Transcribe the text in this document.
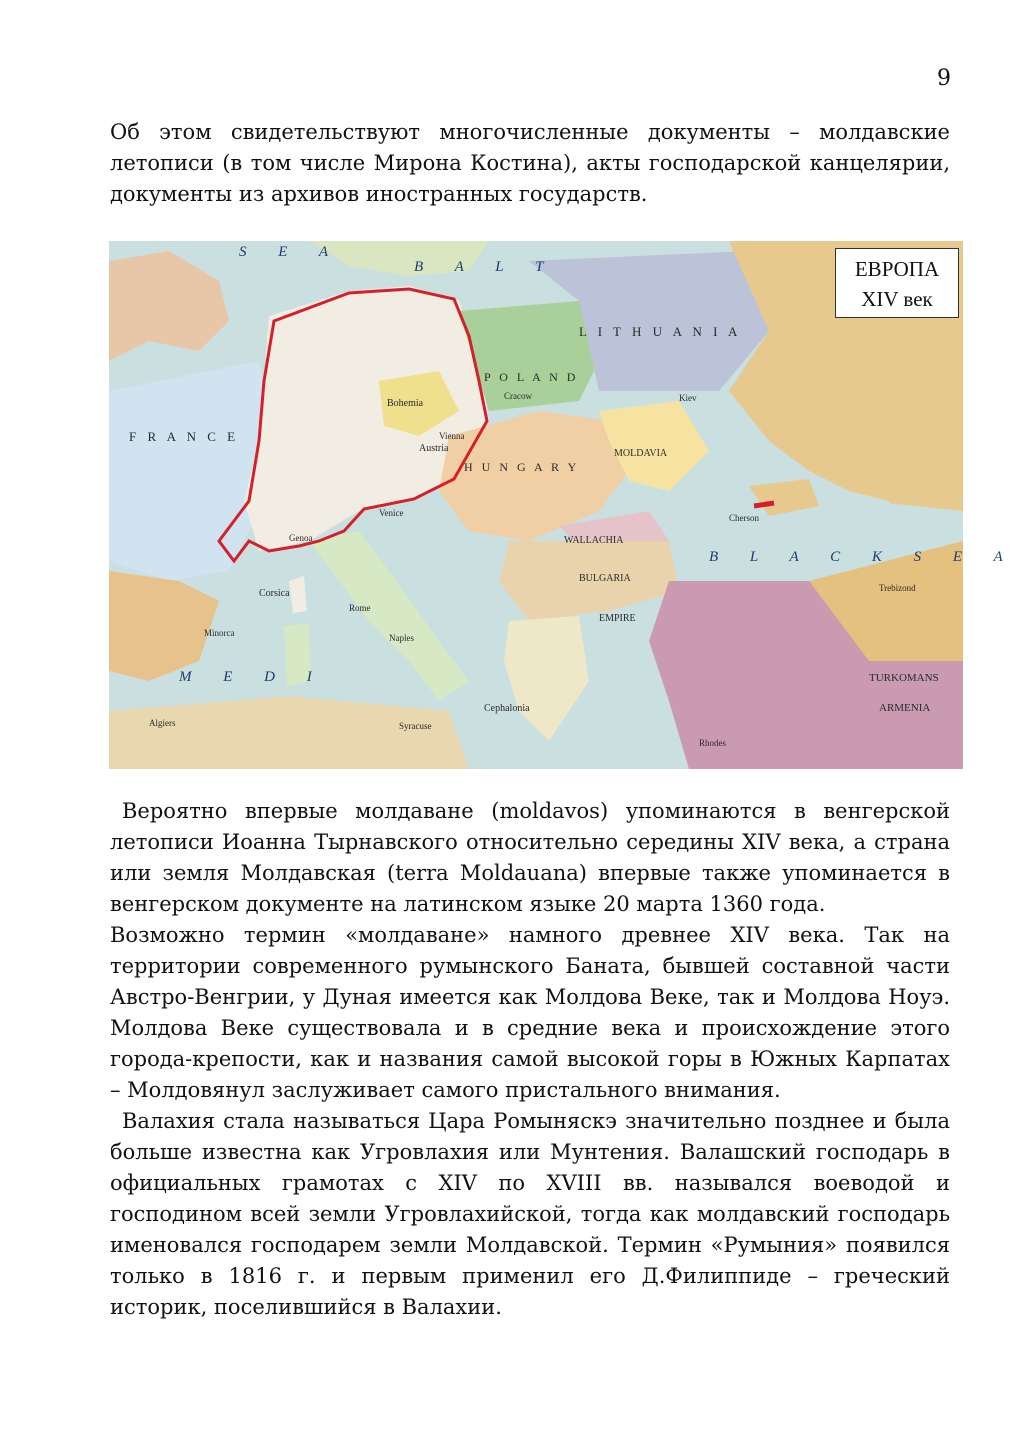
9
Об этом свидетельствуют многочисленные документы – молдавские летописи (в том числе Мирона Костина), акты господарской канцелярии, документы из архивов иностранных государств.
L I T H U A N I A
P O L A N D
H U N G A R Y
MOLDAVIA
WALLACHIA
BULGARIA
F R A N C E
Bohemia
Austria
EMPIRE
ARMENIA
TURKOMANS
B L A C K S E A
M E D I
S E A
B A L T
Corsica
Minorca
Algiers	Syracuse
Cephalonia
Rhodes
Cherson
Trebizond
Cracow
Vienna
Rome
Naples
Venice
Genoa
Kiev
ЕВРОПА
XIV век

Вероятно впервые молдаване (moldavos) упоминаются в венгерской летописи Иоанна Тырнавского относительно середины XIV века, а страна или земля Молдавская (terra Moldauana) впервые также упоминается в венгерском документе на латинском языке 20 марта 1360 года.

Возможно термин «молдаване» намного древнее XIV века. Так на территории современного румынского Баната, бывшей составной части Австро-Венгрии, у Дуная имеется как Молдова Веке, так и Молдова Ноуэ. Молдова Веке существовала и в средние века и происхождение этого города-крепости, как и названия самой высокой горы в Южных Карпатах – Молдовянул заслуживает самого пристального внимания.

Валахия стала называться Цара Ромыняскэ значительно позднее и была больше известна как Угровлахия или Мунтения. Валашский господарь в официальных грамотах с XIV по XVIII вв. назывался воеводой и господином всей земли Угровлахийской, тогда как молдавский господарь именовался господарем земли Молдавской. Термин «Румыния» появился только в 1816 г. и первым применил его Д.Филиппиде – греческий историк, поселившийся в Валахии.
